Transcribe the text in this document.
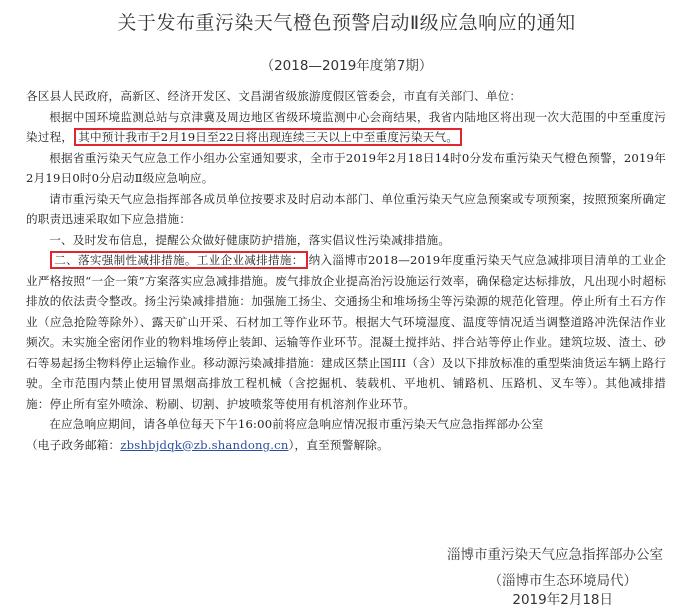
关于发布重污染天气橙色预警启动Ⅱ级应急响应的通知
（2018—2019年度第7期）

各区县人民政府，高新区、经济开发区、文昌湖省级旅游度假区管委会，市直有关部门、单位：

根据中国环境监测总站与京津冀及周边地区省级环境监测中心会商结果，我省内陆地区将出现一次大范围的中至重度污染过程， 其中预计我市于2月19日至22日将出现连续三天以上中至重度污染天气。

根据省重污染天气应急工作小组办公室通知要求，全市于2019年2月18日14时0分发布重污染天气橙色预警，2019年2月19日0时0分启动Ⅱ级应急响应。

请市重污染天气应急指挥部各成员单位按要求及时启动本部门、单位重污染天气应急预案或专项预案，按照预案所确定的职责迅速采取如下应急措施：

一、及时发布信息，提醒公众做好健康防护措施，落实倡议性污染减排措施。

二、落实强制性减排措施。工业企业减排措施： 纳入淄博市2018—2019年度重污染天气应急减排项目清单的工业企业严格按照“一企一策”方案落实应急减排措施。废气排放企业提高治污设施运行效率，确保稳定达标排放，凡出现小时超标排放的依法责令整改。扬尘污染减排措施：加强施工扬尘、交通扬尘和堆场扬尘等污染源的规范化管理。停止所有土石方作业（应急抢险等除外）、露天矿山开采、石材加工等作业环节。根据大气环境湿度、温度等情况适当调整道路冲洗保洁作业频次。未实施全密闭作业的物料堆场停止装卸、运输等作业环节。混凝土搅拌站、拌合站等停止作业。建筑垃圾、渣土、砂石等易起扬尘物料停止运输作业。移动源污染减排措施：建成区禁止国III（含）及以下排放标准的重型柴油货运车辆上路行驶。全市范围内禁止使用冒黑烟高排放工程机械（含挖掘机、装载机、平地机、铺路机、压路机、叉车等）。其他减排措施：停止所有室外喷涂、粉刷、切割、护坡喷浆等使用有机溶剂作业环节。

在应急响应期间，请各单位每天下午16:00前将应急响应情况报市重污染天气应急指挥部办公室

（电子政务邮箱：zbshbjdqk@zb.shandong.cn），直至预警解除。

淄博市重污染天气应急指挥部办公室
（淄博市生态环境局代）
2019年2月18日
